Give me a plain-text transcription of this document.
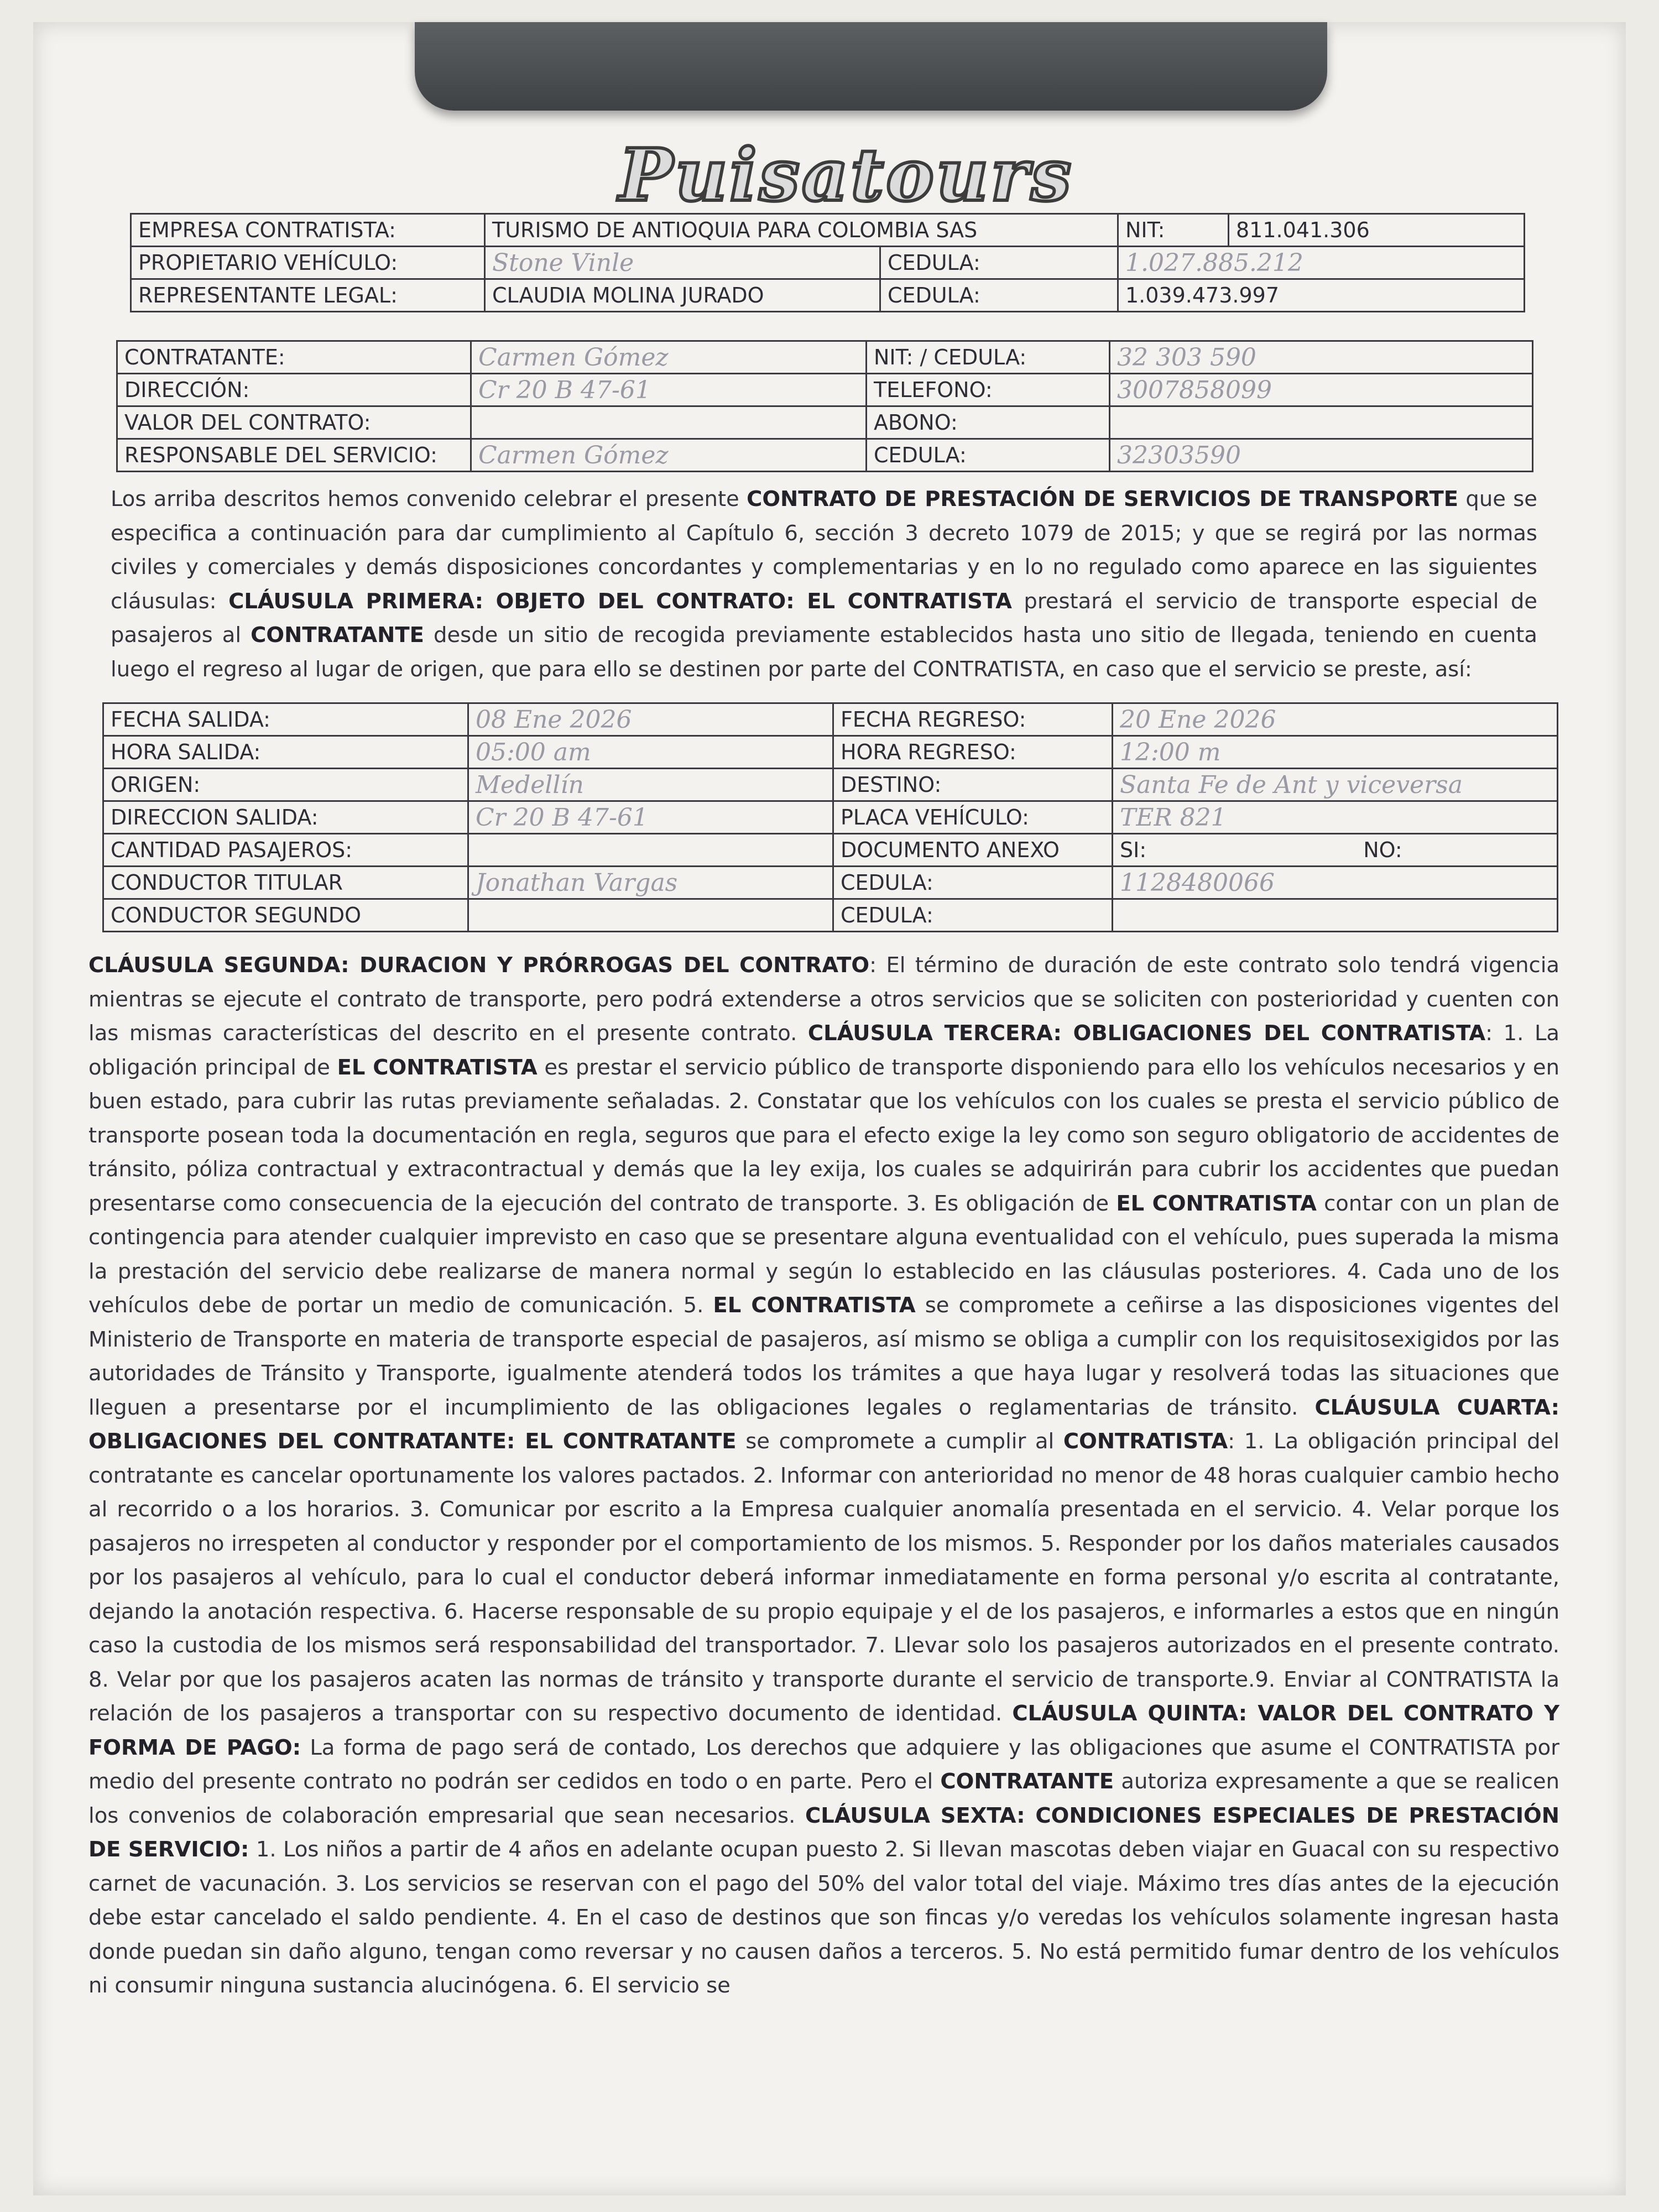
Puisatours
EMPRESA CONTRATISTA:	TURISMO DE ANTIOQUIA PARA COLOMBIA SAS		NIT:	811.041.306
PROPIETARIO VEHÍCULO:	Stone Vinle	CEDULA:	1.027.885.212	
REPRESENTANTE LEGAL:	CLAUDIA MOLINA JURADO	CEDULA:	1.039.473.997	
CONTRATANTE:	Carmen Gómez	NIT: / CEDULA:	32 303 590
DIRECCIÓN:	Cr 20 B 47-61	TELEFONO:	3007858099
VALOR DEL CONTRATO:		ABONO:	
RESPONSABLE DEL SERVICIO:	Carmen Gómez	CEDULA:	32303590
Los arriba descritos hemos convenido celebrar el presente CONTRATO DE PRESTACIÓN DE SERVICIOS DE TRANSPORTE que se especifica a continuación para dar cumplimiento al Capítulo 6, sección 3 decreto 1079 de 2015; y que se regirá por las normas civiles y comerciales y demás disposiciones concordantes y complementarias y en lo no regulado como aparece en las siguientes cláusulas: CLÁUSULA PRIMERA: OBJETO DEL CONTRATO: EL CONTRATISTA prestará el servicio de transporte especial de pasajeros al CONTRATANTE desde un sitio de recogida previamente establecidos hasta uno sitio de llegada, teniendo en cuenta luego el regreso al lugar de origen, que para ello se destinen por parte del CONTRATISTA, en caso que el servicio se preste, así:
FECHA SALIDA:	08 Ene 2026	FECHA REGRESO:	20 Ene 2026
HORA SALIDA:	05:00 am	HORA REGRESO:	12:00 m
ORIGEN:	Medellín	DESTINO:	Santa Fe de Ant y viceversa
DIRECCION SALIDA:	Cr 20 B 47-61	PLACA VEHÍCULO:	TER 821
CANTIDAD PASAJEROS:		DOCUMENTO ANEXO	SI: NO:
CONDUCTOR TITULAR	Jonathan Vargas	CEDULA:	1128480066
CONDUCTOR SEGUNDO		CEDULA:	
CLÁUSULA SEGUNDA: DURACION Y PRÓRROGAS DEL CONTRATO: El término de duración de este contrato solo tendrá vigencia mientras se ejecute el contrato de transporte, pero podrá extenderse a otros servicios que se soliciten con posterioridad y cuenten con las mismas características del descrito en el presente contrato. CLÁUSULA TERCERA: OBLIGACIONES DEL CONTRATISTA: 1. La obligación principal de EL CONTRATISTA es prestar el servicio público de transporte disponiendo para ello los vehículos necesarios y en buen estado, para cubrir las rutas previamente señaladas. 2. Constatar que los vehículos con los cuales se presta el servicio público de transporte posean toda la documentación en regla, seguros que para el efecto exige la ley como son seguro obligatorio de accidentes de tránsito, póliza contractual y extracontractual y demás que la ley exija, los cuales se adquirirán para cubrir los accidentes que puedan presentarse como consecuencia de la ejecución del contrato de transporte. 3. Es obligación de EL CONTRATISTA contar con un plan de contingencia para atender cualquier imprevisto en caso que se presentare alguna eventualidad con el vehículo, pues superada la misma la prestación del servicio debe realizarse de manera normal y según lo establecido en las cláusulas posteriores. 4. Cada uno de los vehículos debe de portar un medio de comunicación. 5. EL CONTRATISTA se compromete a ceñirse a las disposiciones vigentes del Ministerio de Transporte en materia de transporte especial de pasajeros, así mismo se obliga a cumplir con los requisitosexigidos por las autoridades de Tránsito y Transporte, igualmente atenderá todos los trámites a que haya lugar y resolverá todas las situaciones que lleguen a presentarse por el incumplimiento de las obligaciones legales o reglamentarias de tránsito. CLÁUSULA CUARTA: OBLIGACIONES DEL CONTRATANTE: EL CONTRATANTE se compromete a cumplir al CONTRATISTA: 1. La obligación principal del contratante es cancelar oportunamente los valores pactados. 2. Informar con anterioridad no menor de 48 horas cualquier cambio hecho al recorrido o a los horarios. 3. Comunicar por escrito a la Empresa cualquier anomalía presentada en el servicio. 4. Velar porque los pasajeros no irrespeten al conductor y responder por el comportamiento de los mismos. 5. Responder por los daños materiales causados por los pasajeros al vehículo, para lo cual el conductor deberá informar inmediatamente en forma personal y/o escrita al contratante, dejando la anotación respectiva. 6. Hacerse responsable de su propio equipaje y el de los pasajeros, e informarles a estos que en ningún caso la custodia de los mismos será responsabilidad del transportador. 7. Llevar solo los pasajeros autorizados en el presente contrato. 8. Velar por que los pasajeros acaten las normas de tránsito y transporte durante el servicio de transporte.9. Enviar al CONTRATISTA la relación de los pasajeros a transportar con su respectivo documento de identidad. CLÁUSULA QUINTA: VALOR DEL CONTRATO Y FORMA DE PAGO: La forma de pago será de contado, Los derechos que adquiere y las obligaciones que asume el CONTRATISTA por medio del presente contrato no podrán ser cedidos en todo o en parte. Pero el CONTRATANTE autoriza expresamente a que se realicen los convenios de colaboración empresarial que sean necesarios. CLÁUSULA SEXTA: CONDICIONES ESPECIALES DE PRESTACIÓN DE SERVICIO: 1. Los niños a partir de 4 años en adelante ocupan puesto 2. Si llevan mascotas deben viajar en Guacal con su respectivo carnet de vacunación. 3. Los servicios se reservan con el pago del 50% del valor total del viaje. Máximo tres días antes de la ejecución debe estar cancelado el saldo pendiente. 4. En el caso de destinos que son fincas y/o veredas los vehículos solamente ingresan hasta donde puedan sin daño alguno, tengan como reversar y no causen daños a terceros. 5. No está permitido fumar dentro de los vehículos ni consumir ninguna sustancia alucinógena. 6. El servicio se
